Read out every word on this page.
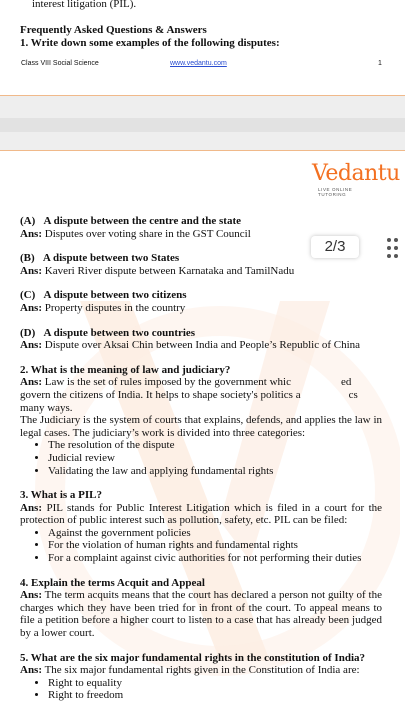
interest litigation (PIL).
Frequently Asked Questions & Answers
1. Write down some examples of the following disputes:
Class VIII Social Science	www.vedantu.com	1
Vedantu
LIVE ONLINE TUTORING
(A) A dispute between the centre and the state
Ans: Disputes over voting share in the GST Council
(B) A dispute between two States
Ans: Kaveri River dispute between Karnataka and TamilNadu
(C) A dispute between two citizens
Ans: Property disputes in the country
(D) A dispute between two countries
Ans: Dispute over Aksai Chin between India and People’s Republic of China
2. What is the meaning of law and judiciary?
Ans: Law is the set of rules imposed by the government whic	ed
govern the citizens of India. It helps to shape society's politics a	cs
many ways.
The Judiciary is the system of courts that explains, defends, and applies the law in legal cases. The judiciary’s work is divided into three categories:
• The resolution of the dispute
• Judicial review
• Validating the law and applying fundamental rights
3. What is a PIL?
Ans: PIL stands for Public Interest Litigation which is filed in a court for the protection of public interest such as pollution, safety, etc. PIL can be filed:
• Against the government policies
• For the violation of human rights and fundamental rights
• For a complaint against civic authorities for not performing their duties
4. Explain the terms Acquit and Appeal
Ans: The term acquits means that the court has declared a person not guilty of the charges which they have been tried for in front of the court. To appeal means to file a petition before a higher court to listen to a case that has already been judged by a lower court.
5. What are the six major fundamental rights in the constitution of India?
Ans: The six major fundamental rights given in the Constitution of India are:
• Right to equality
• Right to freedom
2/3
